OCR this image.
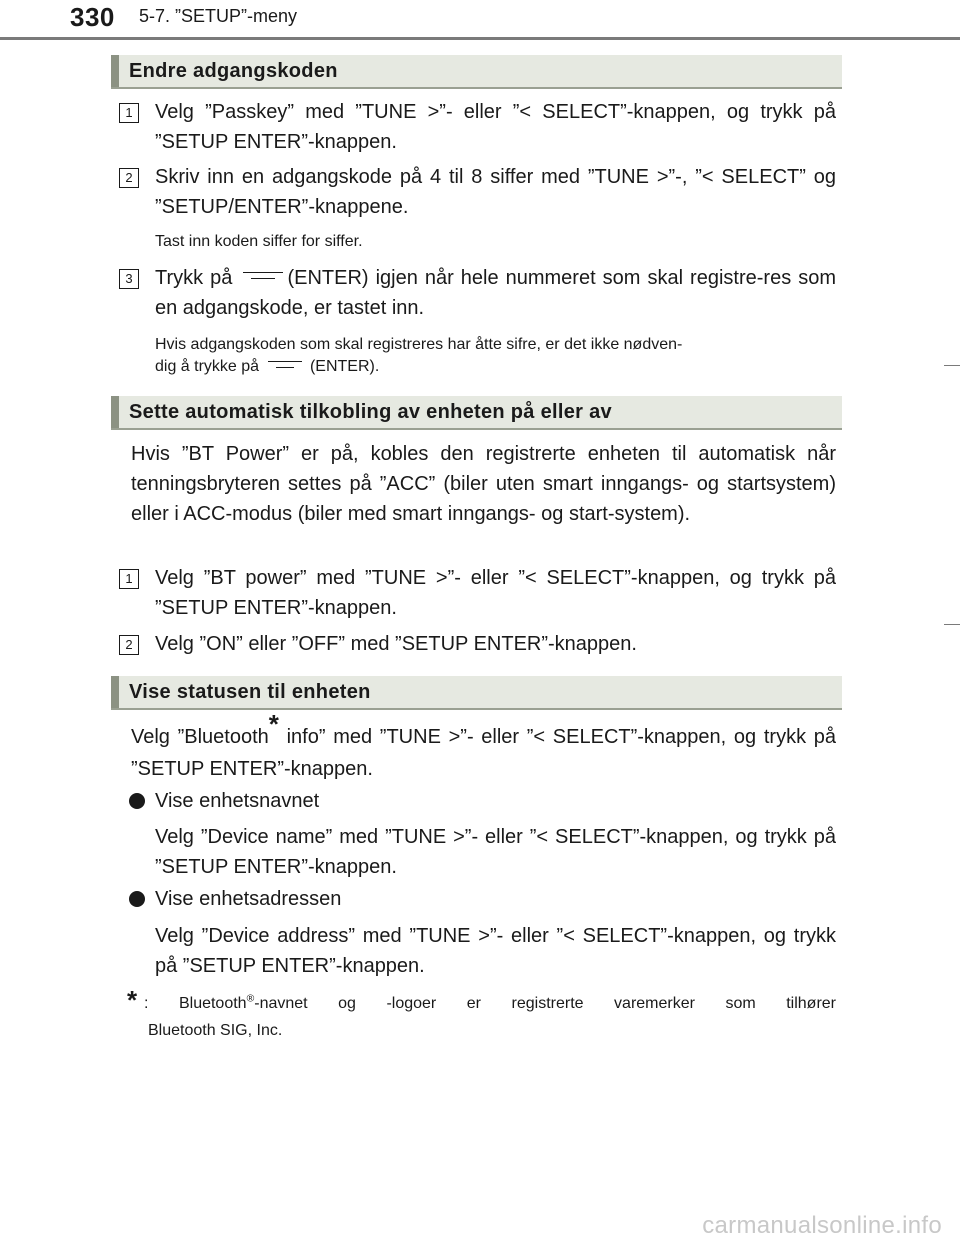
330 5-7. ”SETUP”-meny
Endre adgangskoden
1	Velg ”Passkey” med ”TUNE >”- eller ”< SELECT”-knappen, og trykk på ”SETUP ENTER”-knappen.
2	Skriv inn en adgangskode på 4 til 8 siffer med ”TUNE >”-, ”< SELECT” og ”SETUP/ENTER”-knappene.
Tast inn koden siffer for siffer.
3	Trykk på	(ENTER) igjen når hele nummeret som skal registre-res som en adgangskode, er tastet inn.
Hvis adgangskoden som skal registreres har åtte sifre, er det ikke nødven-
dig å trykke på	(ENTER).
Sette automatisk tilkobling av enheten på eller av
Hvis ”BT Power” er på, kobles den registrerte enheten til automatisk når tenningsbryteren settes på ”ACC” (biler uten smart inngangs- og startsystem) eller i ACC-modus (biler med smart inngangs- og start-system).
1	Velg ”BT power” med ”TUNE >”- eller ”< SELECT”-knappen, og trykk på ”SETUP ENTER”-knappen.
2	Velg ”ON” eller ”OFF” med ”SETUP ENTER”-knappen.
Vise statusen til enheten
Velg ”Bluetooth* info” med ”TUNE >”- eller ”< SELECT”-knappen, og trykk på ”SETUP ENTER”-knappen.
Vise enhetsnavnet
Velg ”Device name” med ”TUNE >”- eller ”< SELECT”-knappen, og trykk på ”SETUP ENTER”-knappen.
Vise enhetsadressen
Velg ”Device address” med ”TUNE >”- eller ”< SELECT”-knappen, og trykk på ”SETUP ENTER”-knappen.
* : Bluetooth®-navnet og -logoer er registrerte varemerker som tilhører
Bluetooth SIG, Inc.
carmanualsonline.info
